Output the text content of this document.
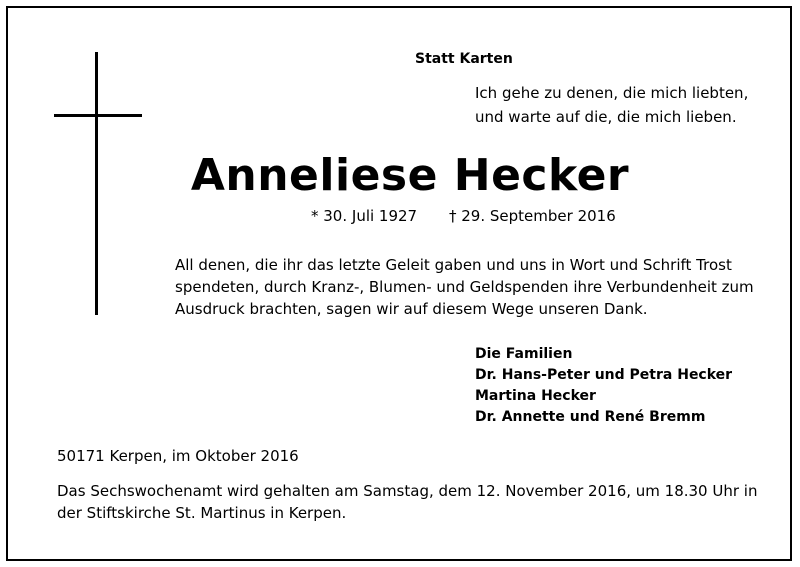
Statt Karten
Ich gehe zu denen, die mich liebten,
und warte auf die, die mich lieben.
Anneliese Hecker
* 30. Juli 1927 † 29. September 2016
All denen, die ihr das letzte Geleit gaben und uns in Wort und Schrift Trost
spendeten, durch Kranz-, Blumen- und Geldspenden ihre Verbundenheit zum
Ausdruck brachten, sagen wir auf diesem Wege unseren Dank.
Die Familien
Dr. Hans-Peter und Petra Hecker
Martina Hecker
Dr. Annette und René Bremm
50171 Kerpen, im Oktober 2016
Das Sechswochenamt wird gehalten am Samstag, dem 12. November 2016, um 18.30 Uhr in
der Stiftskirche St. Martinus in Kerpen.
